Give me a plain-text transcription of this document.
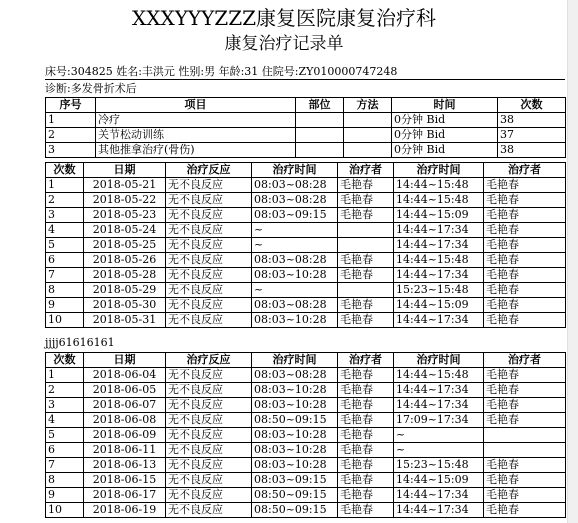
XXXYYYZZZ康复医院康复治疗科
康复治疗记录单
床号:304825 姓名:丰洪元 性别:男 年龄:31 住院号:ZY010000747248
诊断:多发骨折术后
序号	项目	部位	方法	时间	次数
1	冷疗			0分钟 Bid	38
2	关节松动训练			0分钟 Bid	37
3	其他推拿治疗(骨伤)			0分钟 Bid	38
次数	日期	治疗反应	治疗时间	治疗者	治疗时间	治疗者
1	2018-05-21	无不良反应	08:03~08:28	毛艳春	14:44~15:48	毛艳春
2	2018-05-22	无不良反应	08:03~08:28	毛艳春	14:44~15:48	毛艳春
3	2018-05-23	无不良反应	08:03~09:15	毛艳春	14:44~15:09	毛艳春
4	2018-05-24	无不良反应	~		14:44~17:34	毛艳春
5	2018-05-25	无不良反应	~		14:44~17:34	毛艳春
6	2018-05-26	无不良反应	08:03~08:28	毛艳春	14:44~15:48	毛艳春
7	2018-05-28	无不良反应	08:03~10:28	毛艳春	14:44~17:34	毛艳春
8	2018-05-29	无不良反应	~		15:23~15:48	毛艳春
9	2018-05-30	无不良反应	08:03~08:28	毛艳春	14:44~15:09	毛艳春
10	2018-05-31	无不良反应	08:03~10:28	毛艳春	14:44~17:34	毛艳春
jjjj61616161
次数	日期	治疗反应	治疗时间	治疗者	治疗时间	治疗者
1	2018-06-04	无不良反应	08:03~08:28	毛艳春	14:44~15:48	毛艳春
2	2018-06-05	无不良反应	08:03~10:28	毛艳春	14:44~17:34	毛艳春
3	2018-06-07	无不良反应	08:03~10:28	毛艳春	14:44~17:34	毛艳春
4	2018-06-08	无不良反应	08:50~09:15	毛艳春	17:09~17:34	毛艳春
5	2018-06-09	无不良反应	08:03~10:28	毛艳春	~	
6	2018-06-11	无不良反应	08:03~10:28	毛艳春	~	
7	2018-06-13	无不良反应	08:03~10:28	毛艳春	15:23~15:48	毛艳春
8	2018-06-15	无不良反应	08:03~09:15	毛艳春	14:44~15:09	毛艳春
9	2018-06-17	无不良反应	08:50~09:15	毛艳春	14:44~17:34	毛艳春
10	2018-06-19	无不良反应	08:50~09:15	毛艳春	14:44~17:34	毛艳春
